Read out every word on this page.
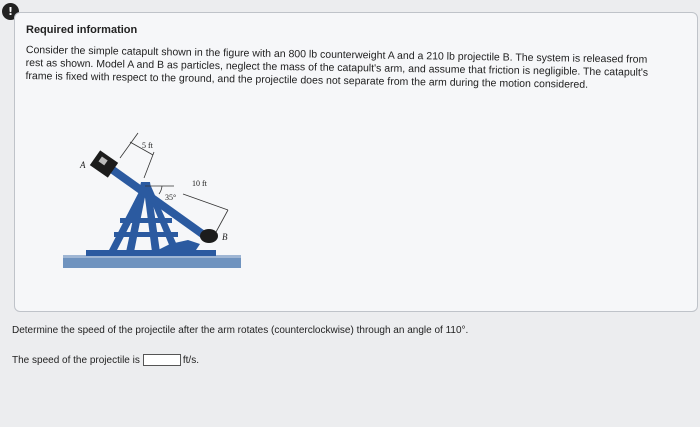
!
Required information
Consider the simple catapult shown in the figure with an 800 lb counterweight A and a 210 lb projectile B. The system is released from rest as shown. Model A and B as particles, neglect the mass of the catapult's arm, and assume that friction is negligible. The catapult's frame is fixed with respect to the ground, and the projectile does not separate from the arm during the motion considered.
A
B
5 ft
10 ft
35°
Determine the speed of the projectile after the arm rotates (counterclockwise) through an angle of 110°.
The speed of the projectile is	ft/s.
